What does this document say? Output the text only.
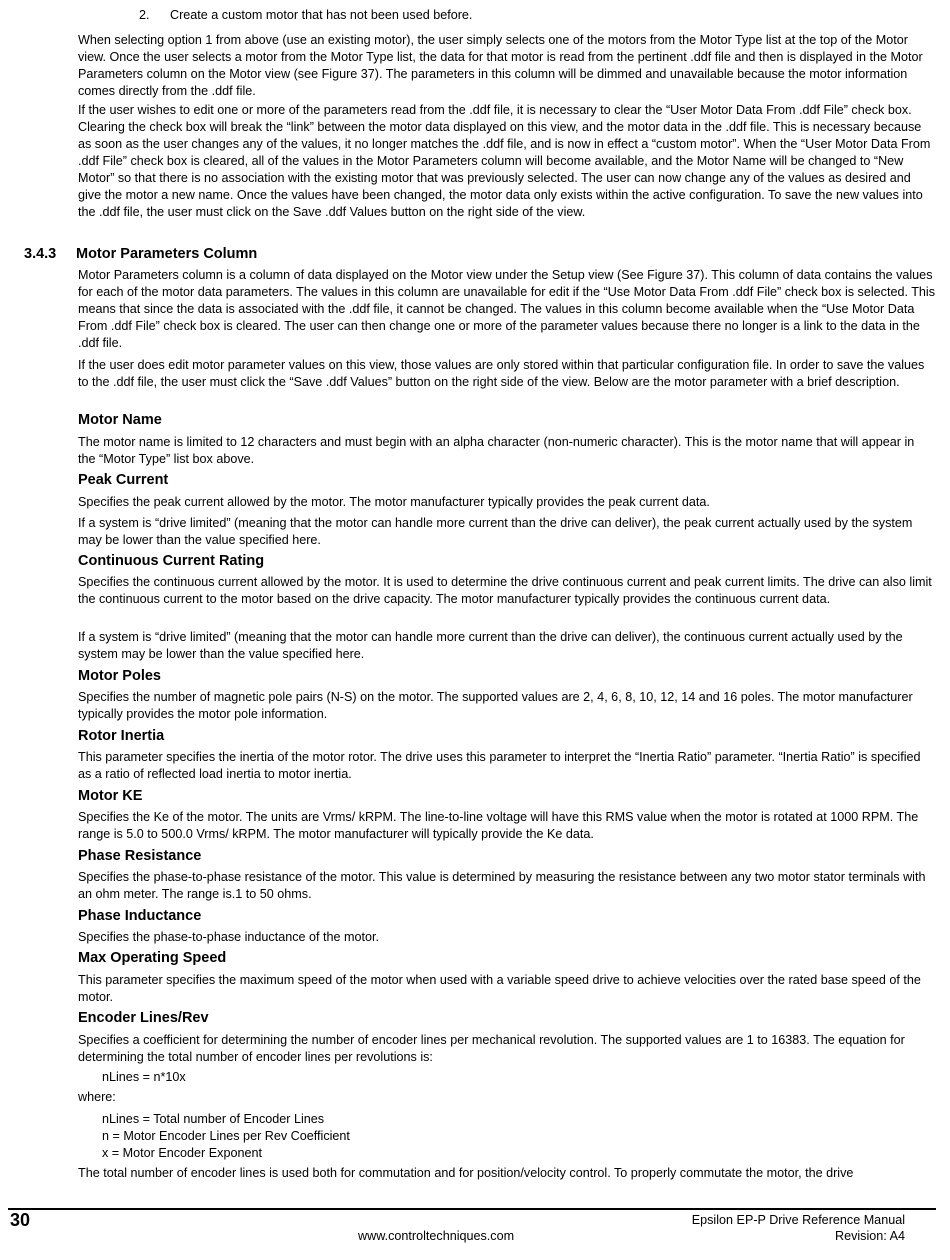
2. Create a custom motor that has not been used before.

When selecting option 1 from above (use an existing motor), the user simply selects one of the motors from the Motor Type list at the top of the Motor view. Once the user selects a motor from the Motor Type list, the data for that motor is read from the pertinent .ddf file and then is displayed in the Motor Parameters column on the Motor view (see Figure 37). The parameters in this column will be dimmed and unavailable because the motor information comes directly from the .ddf file.

If the user wishes to edit one or more of the parameters read from the .ddf file, it is necessary to clear the “User Motor Data From .ddf File” check box. Clearing the check box will break the “link” between the motor data displayed on this view, and the motor data in the .ddf file. This is necessary because as soon as the user changes any of the values, it no longer matches the .ddf file, and is now in effect a “custom motor”. When the “User Motor Data From .ddf File” check box is cleared, all of the values in the Motor Parameters column will become available, and the Motor Name will be changed to “New Motor” so that there is no association with the existing motor that was previously selected. The user can now change any of the values as desired and give the motor a new name. Once the values have been changed, the motor data only exists within the active configuration. To save the new values into the .ddf file, the user must click on the Save .ddf Values button on the right side of the view.

3.4.3 Motor Parameters Column

Motor Parameters column is a column of data displayed on the Motor view under the Setup view (See Figure 37). This column of data contains the values for each of the motor data parameters. The values in this column are unavailable for edit if the “Use Motor Data From .ddf File” check box is selected. This means that since the data is associated with the .ddf file, it cannot be changed. The values in this column become available when the “Use Motor Data From .ddf File” check box is cleared. The user can then change one or more of the parameter values because there no longer is a link to the data in the .ddf file.

If the user does edit motor parameter values on this view, those values are only stored within that particular configuration file. In order to save the values to the .ddf file, the user must click the “Save .ddf Values” button on the right side of the view. Below are the motor parameter with a brief description.

Motor Name

The motor name is limited to 12 characters and must begin with an alpha character (non-numeric character). This is the motor name that will appear in the “Motor Type” list box above.

Peak Current

Specifies the peak current allowed by the motor. The motor manufacturer typically provides the peak current data.

If a system is “drive limited” (meaning that the motor can handle more current than the drive can deliver), the peak current actually used by the system may be lower than the value specified here.

Continuous Current Rating

Specifies the continuous current allowed by the motor. It is used to determine the drive continuous current and peak current limits. The drive can also limit the continuous current to the motor based on the drive capacity. The motor manufacturer typically provides the continuous current data.

If a system is “drive limited” (meaning that the motor can handle more current than the drive can deliver), the continuous current actually used by the system may be lower than the value specified here.

Motor Poles

Specifies the number of magnetic pole pairs (N-S) on the motor. The supported values are 2, 4, 6, 8, 10, 12, 14 and 16 poles. The motor manufacturer typically provides the motor pole information.

Rotor Inertia

This parameter specifies the inertia of the motor rotor. The drive uses this parameter to interpret the “Inertia Ratio” parameter. “Inertia Ratio” is specified as a ratio of reflected load inertia to motor inertia.

Motor KE

Specifies the Ke of the motor. The units are Vrms/ kRPM. The line-to-line voltage will have this RMS value when the motor is rotated at 1000 RPM. The range is 5.0 to 500.0 Vrms/ kRPM. The motor manufacturer will typically provide the Ke data.

Phase Resistance

Specifies the phase-to-phase resistance of the motor. This value is determined by measuring the resistance between any two motor stator terminals with an ohm meter. The range is.1 to 50 ohms.

Phase Inductance

Specifies the phase-to-phase inductance of the motor.

Max Operating Speed

This parameter specifies the maximum speed of the motor when used with a variable speed drive to achieve velocities over the rated base speed of the motor.

Encoder Lines/Rev

Specifies a coefficient for determining the number of encoder lines per mechanical revolution. The supported values are 1 to 16383. The equation for determining the total number of encoder lines per revolutions is:

nLines = n*10x
where:
nLines = Total number of Encoder Lines
n = Motor Encoder Lines per Rev Coefficient
x = Motor Encoder Exponent

The total number of encoder lines is used both for commutation and for position/velocity control. To properly commutate the motor, the drive

30	Epsilon EP-P Drive Reference Manual
www.controltechniques.com	Revision: A4
